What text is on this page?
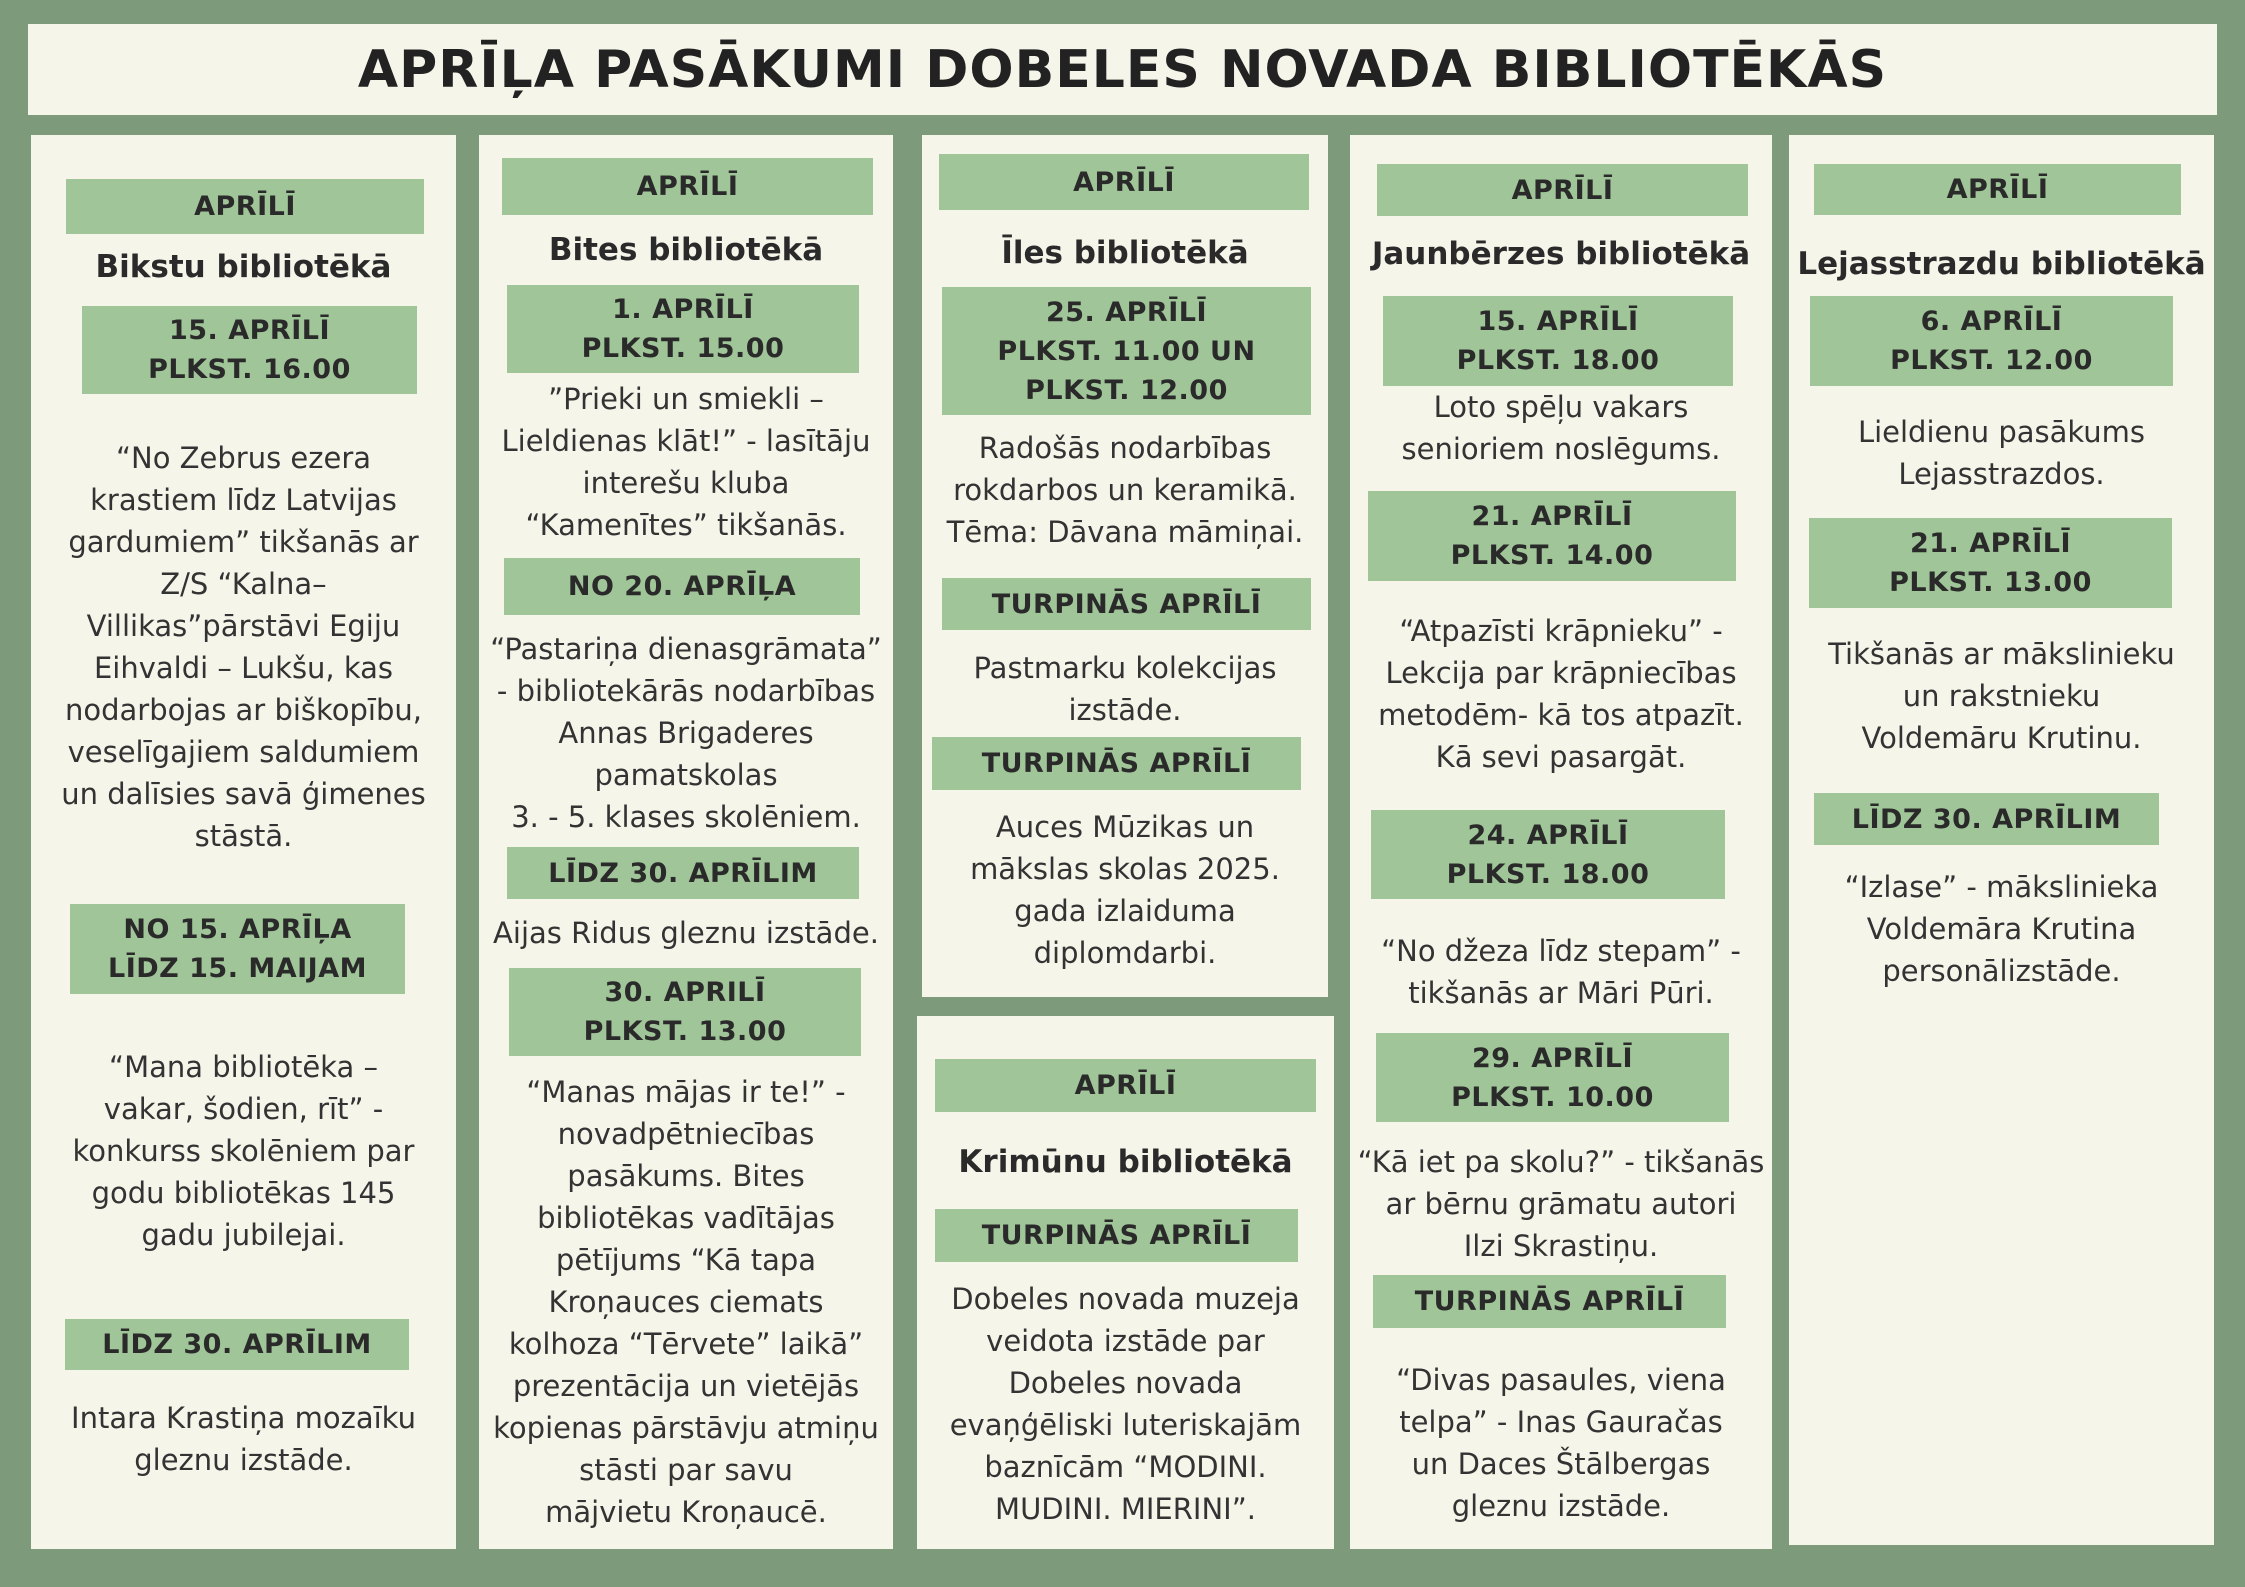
APRĪĻA PASĀKUMI DOBELES NOVADA BIBLIOTĒKĀS
APRĪLĪ
Bikstu bibliotēkā
15. APRĪLĪ
PLKST. 16.00
“No Zebrus ezera
krastiem līdz Latvijas
gardumiem” tikšanās ar
Z/S “Kalna–
Villikas”pārstāvi Egiju
Eihvaldi – Lukšu, kas
nodarbojas ar biškopību,
veselīgajiem saldumiem
un dalīsies savā ģimenes
stāstā.
NO 15. APRĪĻA
LĪDZ 15. MAIJAM
“Mana bibliotēka –
vakar, šodien, rīt” -
konkurss skolēniem par
godu bibliotēkas 145
gadu jubilejai.
LĪDZ 30. APRĪLIM
Intara Krastiņa mozaīku
gleznu izstāde.
APRĪLĪ
Bites bibliotēkā
1. APRĪLĪ
PLKST. 15.00
”Prieki un smiekli –
Lieldienas klāt!” - lasītāju
interešu kluba
“Kamenītes” tikšanās.
NO 20. APRĪĻA
“Pastariņa dienasgrāmata”
- bibliotekārās nodarbības
Annas Brigaderes
pamatskolas
3. - 5. klases skolēniem.
LĪDZ 30. APRĪLIM
Aijas Ridus gleznu izstāde.
30. APRILĪ
PLKST. 13.00
“Manas mājas ir te!” -
novadpētniecības
pasākums. Bites
bibliotēkas vadītājas
pētījums “Kā tapa
Kroņauces ciemats
kolhoza “Tērvete” laikā”
prezentācija un vietējās
kopienas pārstāvju atmiņu
stāsti par savu
mājvietu Kroņaucē.
APRĪLĪ
Īles bibliotēkā
25. APRĪLĪ
PLKST. 11.00 UN
PLKST. 12.00
Radošās nodarbības
rokdarbos un keramikā.
Tēma: Dāvana māmiņai.
TURPINĀS APRĪLĪ
Pastmarku kolekcijas
izstāde.
TURPINĀS APRĪLĪ
Auces Mūzikas un
mākslas skolas 2025.
gada izlaiduma
diplomdarbi.
APRĪLĪ
Krimūnu bibliotēkā
TURPINĀS APRĪLĪ
Dobeles novada muzeja
veidota izstāde par
Dobeles novada
evaņģēliski luteriskajām
baznīcām “MODINI.
MUDINI. MIERINI”.
APRĪLĪ
Jaunbērzes bibliotēkā
15. APRĪLĪ
PLKST. 18.00
Loto spēļu vakars
senioriem noslēgums.
21. APRĪLĪ
PLKST. 14.00
“Atpazīsti krāpnieku” -
Lekcija par krāpniecības
metodēm- kā tos atpazīt.
Kā sevi pasargāt.
24. APRĪLĪ
PLKST. 18.00
“No džeza līdz stepam” -
tikšanās ar Māri Pūri.
29. APRĪLĪ
PLKST. 10.00
“Kā iet pa skolu?” - tikšanās
ar bērnu grāmatu autori
Ilzi Skrastiņu.
TURPINĀS APRĪLĪ
“Divas pasaules, viena
telpa” - Inas Gauračas
un Daces Štālbergas
gleznu izstāde.
APRĪLĪ
Lejasstrazdu bibliotēkā
6. APRĪLĪ
PLKST. 12.00
Lieldienu pasākums
Lejasstrazdos.
21. APRĪLĪ
PLKST. 13.00
Tikšanās ar mākslinieku
un rakstnieku
Voldemāru Krutinu.
LĪDZ 30. APRĪLIM
“Izlase” - mākslinieka
Voldemāra Krutina
personālizstāde.
